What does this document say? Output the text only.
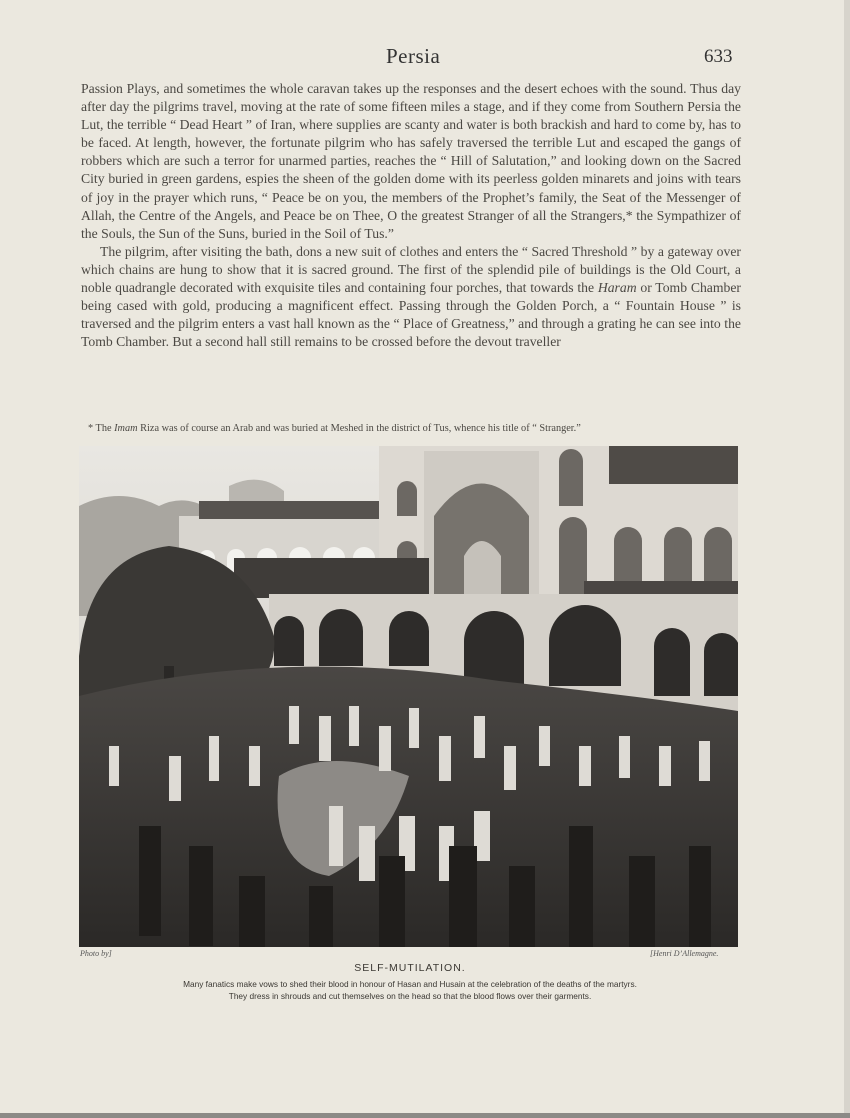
Persia	633

Passion Plays, and sometimes the whole caravan takes up the responses and the desert echoes with the sound. Thus day after day the pilgrims travel, moving at the rate of some fifteen miles a stage, and if they come from Southern Persia the Lut, the terrible “ Dead Heart ” of Iran, where supplies are scanty and water is both brackish and hard to come by, has to be faced. At length, however, the fortunate pilgrim who has safely traversed the terrible Lut and escaped the gangs of robbers which are such a terror for unarmed parties, reaches the “ Hill of Salutation,” and looking down on the Sacred City buried in green gardens, espies the sheen of the golden dome with its peerless golden minarets and joins with tears of joy in the prayer which runs, “ Peace be on you, the members of the Prophet’s family, the Seat of the Messenger of Allah, the Centre of the Angels, and Peace be on Thee, O the greatest Stranger of all the Strangers,* the Sympathizer of the Souls, the Sun of the Suns, buried in the Soil of Tus.”

The pilgrim, after visiting the bath, dons a new suit of clothes and enters the “ Sacred Threshold ” by a gateway over which chains are hung to show that it is sacred ground. The first of the splendid pile of buildings is the Old Court, a noble quadrangle decorated with exquisite tiles and containing four porches, that towards the Haram or Tomb Chamber being cased with gold, producing a magnificent effect. Passing through the Golden Porch, a “ Fountain House ” is traversed and the pilgrim enters a vast hall known as the “ Place of Greatness,” and through a grating he can see into the Tomb Chamber. But a second hall still remains to be crossed before the devout traveller

* The Imam Riza was of course an Arab and was buried at Meshed in the district of Tus, whence his title of “ Stranger.”
Photo by]	[Henri D’Allemagne.
SELF-MUTILATION.
Many fanatics make vows to shed their blood in honour of Hasan and Husain at the celebration of the deaths of the martyrs.
They dress in shrouds and cut themselves on the head so that the blood flows over their garments.
